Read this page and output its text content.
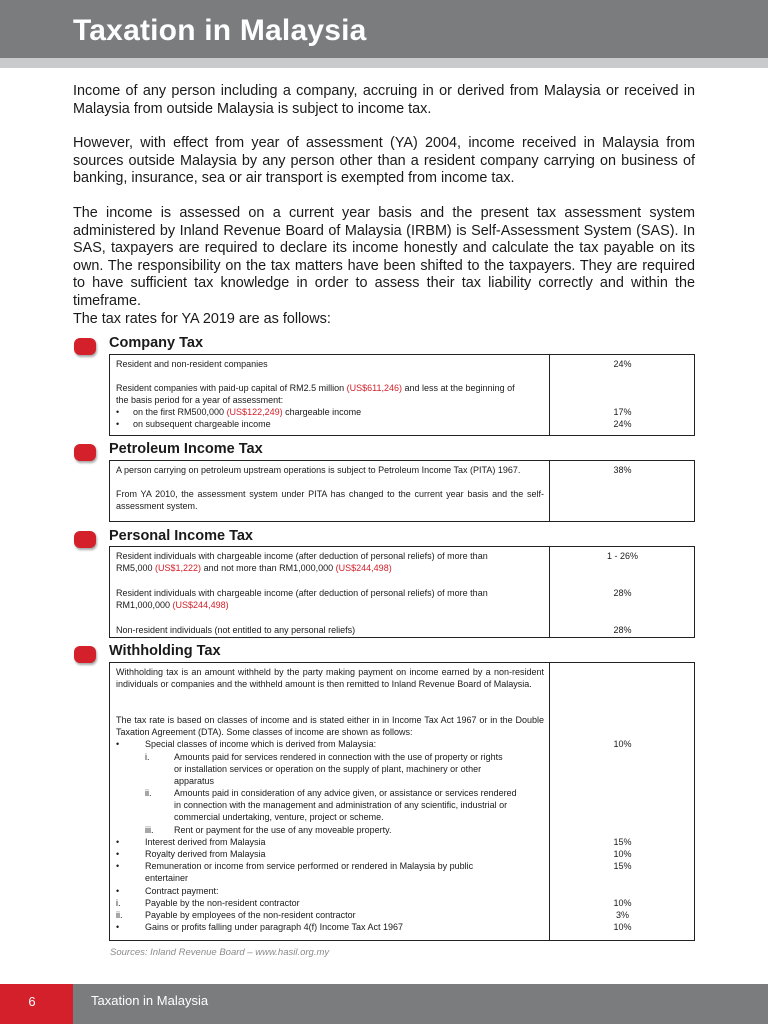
Taxation in Malaysia

Income of any person including a company, accruing in or derived from Malaysia or received in Malaysia from outside Malaysia is subject to income tax.

However, with effect from year of assessment (YA) 2004, income received in Malaysia from sources outside Malaysia by any person other than a resident company carrying on business of banking, insurance, sea or air transport is exempted from income tax.

The income is assessed on a current year basis and the present tax assessment system administered by Inland Revenue Board of Malaysia (IRBM) is Self-Assessment System (SAS). In SAS, taxpayers are required to declare its income honestly and calculate the tax payable on its own. The responsibility on the tax matters have been shifted to the taxpayers. They are required to have sufficient tax knowledge in order to assess their tax liability correctly and within the timeframe.

The tax rates for YA 2019 are as follows:

Company Tax
Resident and non-resident companies	24%
Resident companies with paid-up capital of RM2.5 million (US$611,246) and less at the beginning of
the basis period for a year of assessment:
• on the first RM500,000 (US$122,249) chargeable income	17%
• on subsequent chargeable income	24%
Petroleum Income Tax
A person carrying on petroleum upstream operations is subject to Petroleum Income Tax (PITA) 1967.	38%
From YA 2010, the assessment system under PITA has changed to the current year basis and the self-assessment system.
Personal Income Tax
Resident individuals with chargeable income (after deduction of personal reliefs) of more than
RM5,000 (US$1,222) and not more than RM1,000,000 (US$244,498)
1 - 26%
Resident individuals with chargeable income (after deduction of personal reliefs) of more than
RM1,000,000 (US$244,498)
28%
Non-resident individuals (not entitled to any personal reliefs)	28%
Withholding Tax
Withholding tax is an amount withheld by the party making payment on income earned by a non-resident individuals or companies and the withheld amount is then remitted to Inland Revenue Board of Malaysia.
The tax rate is based on classes of income and is stated either in in Income Tax Act 1967 or in the Double Taxation Agreement (DTA). Some classes of income are shown as follows:
•	Special classes of income which is derived from Malaysia:	10%
i.	Amounts paid for services rendered in connection with the use of property or rights
or installation services or operation on the supply of plant, machinery or other
apparatus
ii.	Amounts paid in consideration of any advice given, or assistance or services rendered
in connection with the management and administration of any scientific, industrial or
commercial undertaking, venture, project or scheme.
iii. Rent or payment for the use of any moveable property.
•	Interest derived from Malaysia	15%
•	Royalty derived from Malaysia	10%
•	Remuneration or income from service performed or rendered in Malaysia by public
entertainer
15%
•	Contract payment:
i.	Payable by the non-resident contractor	10%
ii.	Payable by employees of the non-resident contractor	3%
•	Gains or profits falling under paragraph 4(f) Income Tax Act 1967	10%
Sources: Inland Revenue Board – www.hasil.org.my
6	Taxation in Malaysia
